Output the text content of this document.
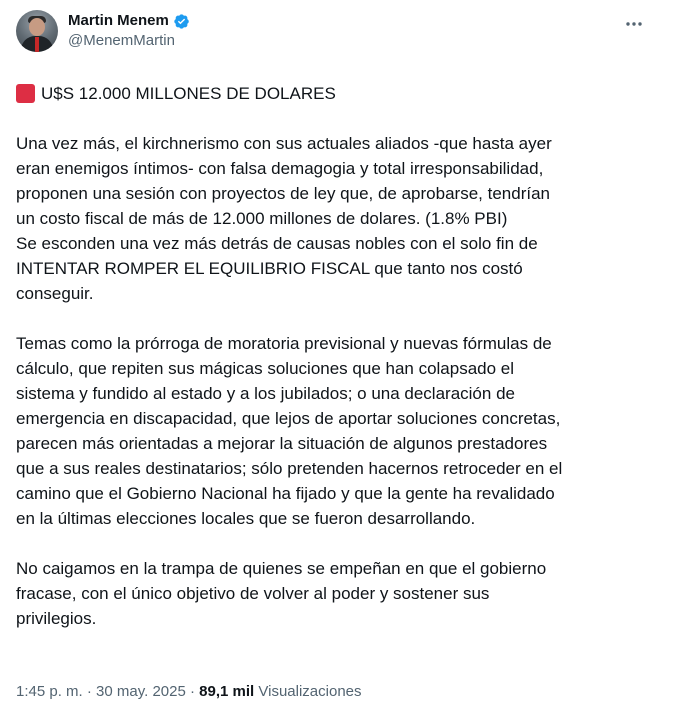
Martin Menem
@MenemMartin
U$S 12.000 MILLONES DE DOLARES

Una vez más, el kirchnerismo con sus actuales aliados -que hasta ayer

eran enemigos íntimos- con falsa demagogia y total irresponsabilidad,

proponen una sesión con proyectos de ley que, de aprobarse, tendrían

un costo fiscal de más de 12.000 millones de dolares. (1.8% PBI)

Se esconden una vez más detrás de causas nobles con el solo fin de

INTENTAR ROMPER EL EQUILIBRIO FISCAL que tanto nos costó

conseguir.

Temas como la prórroga de moratoria previsional y nuevas fórmulas de

cálculo, que repiten sus mágicas soluciones que han colapsado el

sistema y fundido al estado y a los jubilados; o una declaración de

emergencia en discapacidad, que lejos de aportar soluciones concretas,

parecen más orientadas a mejorar la situación de algunos prestadores

que a sus reales destinatarios; sólo pretenden hacernos retroceder en el

camino que el Gobierno Nacional ha fijado y que la gente ha revalidado

en la últimas elecciones locales que se fueron desarrollando.

No caigamos en la trampa de quienes se empeñan en que el gobierno

fracase, con el único objetivo de volver al poder y sostener sus

privilegios.

1:45 p. m. · 30 may. 2025 · 89,1 mil Visualizaciones
